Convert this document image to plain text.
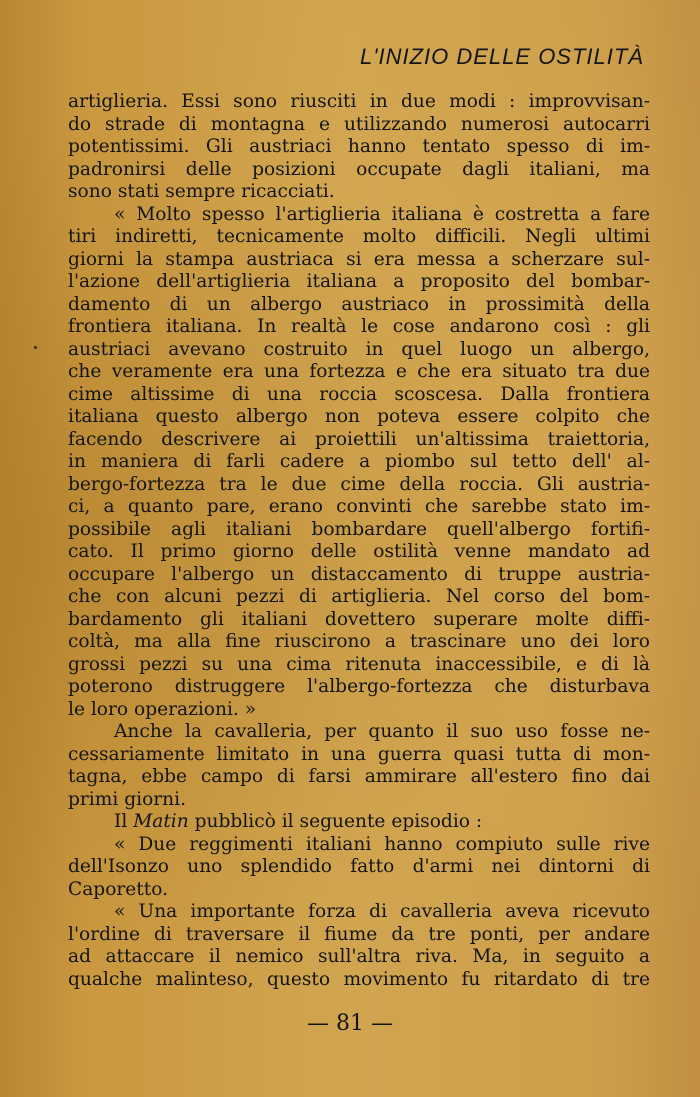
L'INIZIO DELLE OSTILITÀ
artiglieria. Essi sono riusciti in due modi : improvvisan-
do strade di montagna e utilizzando numerosi autocarri
potentissimi. Gli austriaci hanno tentato spesso di im-
padronirsi delle posizioni occupate dagli italiani, ma
sono stati sempre ricacciati.
« Molto spesso l'artiglieria italiana è costretta a fare
tiri indiretti, tecnicamente molto difficili. Negli ultimi
giorni la stampa austriaca si era messa a scherzare sul-
l'azione dell'artiglieria italiana a proposito del bombar-
damento di un albergo austriaco in prossimità della
frontiera italiana. In realtà le cose andarono così : gli
austriaci avevano costruito in quel luogo un albergo,
che veramente era una fortezza e che era situato tra due
cime altissime di una roccia scoscesa. Dalla frontiera
italiana questo albergo non poteva essere colpito che
facendo descrivere ai proiettili un'altissima traiettoria,
in maniera di farli cadere a piombo sul tetto dell' al-
bergo-fortezza tra le due cime della roccia. Gli austria-
ci, a quanto pare, erano convinti che sarebbe stato im-
possibile agli italiani bombardare quell'albergo fortifi-
cato. Il primo giorno delle ostilità venne mandato ad
occupare l'albergo un distaccamento di truppe austria-
che con alcuni pezzi di artiglieria. Nel corso del bom-
bardamento gli italiani dovettero superare molte diffi-
coltà, ma alla fine riuscirono a trascinare uno dei loro
grossi pezzi su una cima ritenuta inaccessibile, e di là
poterono distruggere l'albergo-fortezza che disturbava
le loro operazioni. »
Anche la cavalleria, per quanto il suo uso fosse ne-
cessariamente limitato in una guerra quasi tutta di mon-
tagna, ebbe campo di farsi ammirare all'estero fino dai
primi giorni.
Il Matin pubblicò il seguente episodio :
« Due reggimenti italiani hanno compiuto sulle rive
dell'Isonzo uno splendido fatto d'armi nei dintorni di
Caporetto.
« Una importante forza di cavalleria aveva ricevuto
l'ordine di traversare il fiume da tre ponti, per andare
ad attaccare il nemico sull'altra riva. Ma, in seguito a
qualche malinteso, questo movimento fu ritardato di tre
— 81 —
